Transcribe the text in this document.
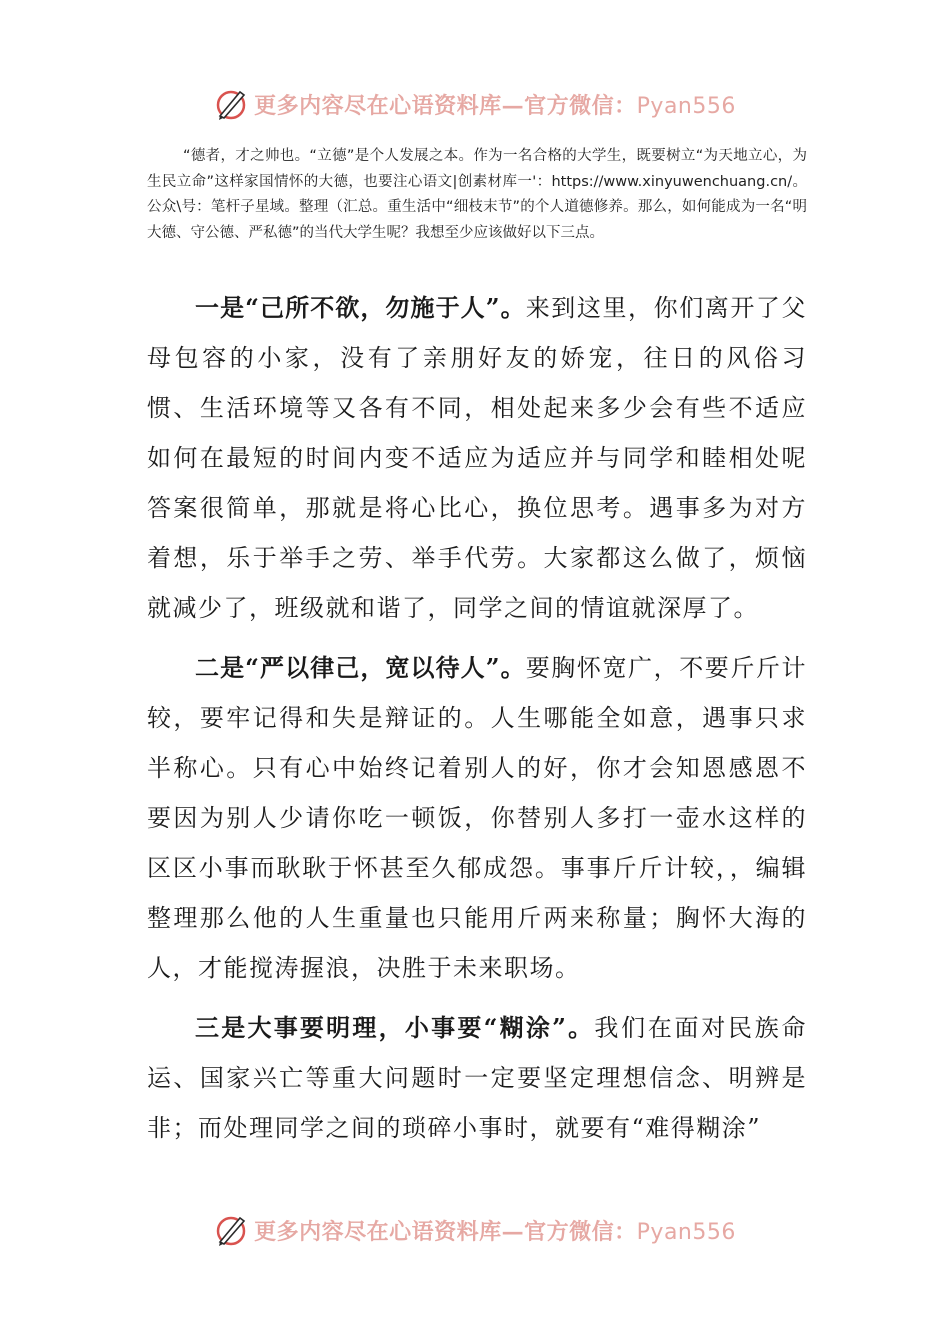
更多内容尽在心语资料库—官方微信：Pyan556

“德者，才之帅也。“立德”是个人发展之本。作为一名合格的大学生，既要树立“为天地立心，为生民立命”这样家国情怀的大德，也要注心语文|创素材库一'：https://www.xinyuwenchuang.cn/。公众\号：笔杆子星域。整理（汇总。重生活中“细枝末节”的个人道德修养。那么，如何能成为一名“明大德、守公德、严私德”的当代大学生呢？我想至少应该做好以下三点。

一是“己所不欲，勿施于人”。来到这里，你们离开了父母包容的小家，没有了亲朋好友的娇宠，往日的风俗习惯、生活环境等又各有不同，相处起来多少会有些不适应如何在最短的时间内变不适应为适应并与同学和睦相处呢答案很简单，那就是将心比心，换位思考。遇事多为对方着想，乐于举手之劳、举手代劳。大家都这么做了，烦恼就减少了，班级就和谐了，同学之间的情谊就深厚了。

二是“严以律己，宽以待人”。要胸怀宽广，不要斤斤计较，要牢记得和失是辩证的。人生哪能全如意，遇事只求半称心。只有心中始终记着别人的好，你才会知恩感恩不要因为别人少请你吃一顿饭，你替别人多打一壶水这样的区区小事而耿耿于怀甚至久郁成怨。事事斤斤计较，，编辑整理那么他的人生重量也只能用斤两来称量；胸怀大海的人，才能搅涛握浪，决胜于未来职场。

三是大事要明理，小事要“糊涂”。我们在面对民族命运、国家兴亡等重大问题时一定要坚定理想信念、明辨是非；而处理同学之间的琐碎小事时，就要有“难得糊涂”

更多内容尽在心语资料库—官方微信：Pyan556
